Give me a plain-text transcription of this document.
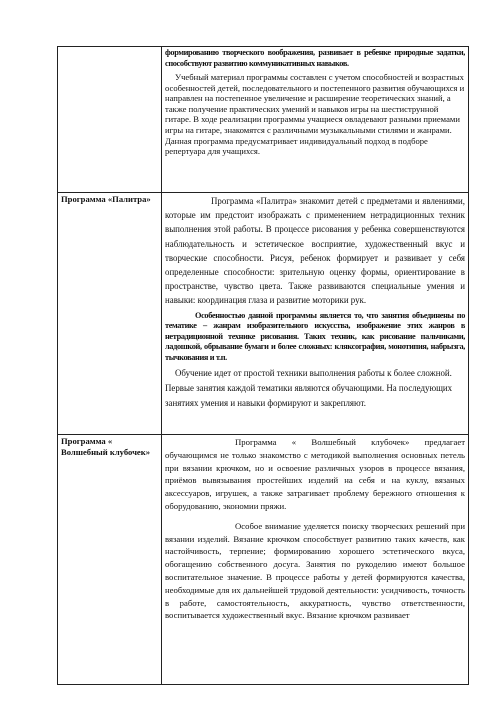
	формированию творческого воображения, развивает в ребенке природные задатки, способствуют развитию коммуникативных навыков.

Учебный материал программы составлен с учетом способностей и возрастных особенностей детей, последовательного и постепенного развития обучающихся и направлен на постепенное увеличение и расширение теоретических знаний, а также получение практических умений и навыков игры на шестиструнной гитаре. В ходе реализации программы учащиеся овладевают разными приемами игры на гитаре, знакомятся с различными музыкальными стилями и жанрами. Данная программа предусматривает индивидуальный подход в подборе репертуара для учащихся.

Программа «Палитра»	Программа «Палитра» знакомит детей с предметами и явлениями, которые им предстоит изображать с применением нетрадиционных техник выполнения этой работы. В процессе рисования у ребенка совершенствуются наблюдательность и эстетическое восприятие, художественный вкус и творческие способности. Рисуя, ребенок формирует и развивает у себя определенные способности: зрительную оценку формы, ориентирование в пространстве, чувство цвета. Также развиваются специальные умения и навыки: координация глаза и развитие моторики рук.

Особенностью данной программы является то, что занятия объединены по тематике – жанрам изобразительного искусства, изображение этих жанров в нетрадиционной технике рисования. Таких техник, как рисование пальчиками, ладошкой, обрывание бумаги и более сложных: кляксография, монотипия, набрызга, тычкования и т.п.

Обучение идет от простой техники выполнения работы к более сложной. Первые занятия каждой тематики являются обучающими. На последующих занятиях умения и навыки формируют и закрепляют.

Программа « Волшебный клубочек»	Программа « Волшебный клубочек» предлагает обучающимся не только знакомство с методикой выполнения основных петель при вязании крючком, но и освоение различных узоров в процессе вязания, приёмов вывязывания простейших изделий на себя и на куклу, вязаных аксессуаров, игрушек, а также затрагивает проблему бережного отношения к оборудованию, экономии пряжи.

Особое внимание уделяется поиску творческих решений при вязании изделий. Вязание крючком способствует развитию таких качеств, как настойчивость, терпение; формированию хорошего эстетического вкуса, обогащению собственного досуга. Занятия по рукоделию имеют большое воспитательное значение. В процессе работы у детей формируются качества, необходимые для их дальнейшей трудовой деятельности: усидчивость, точность в работе, самостоятельность, аккуратность, чувство ответственности, воспитывается художественный вкус. Вязание крючком развивает
